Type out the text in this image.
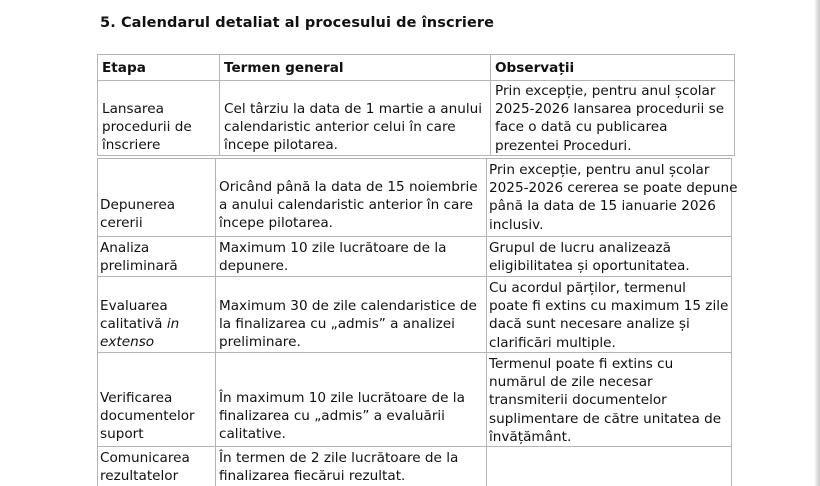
5. Calendarul detaliat al procesului de înscriere
Etapa	Termen general	Observații
Lansarea
procedurii de
înscriere
Cel târziu la data de 1 martie a anului
calendaristic anterior celui în care
începe pilotarea.
Prin excepție, pentru anul școlar
2025-2026 lansarea procedurii se
face o dată cu publicarea
prezentei Proceduri.
Depunerea
cererii
Oricând până la data de 15 noiembrie
a anului calendaristic anterior în care
începe pilotarea.
Prin excepție, pentru anul școlar
2025-2026 cererea se poate depune
până la data de 15 ianuarie 2026
inclusiv.
Analiza
preliminară
Maximum 10 zile lucrătoare de la
depunere.
Grupul de lucru analizează
eligibilitatea și oportunitatea.
Evaluarea
calitativă in
extenso
Maximum 30 de zile calendaristice de
la finalizarea cu „admis” a analizei
preliminare.
Cu acordul părților, termenul
poate fi extins cu maximum 15 zile
dacă sunt necesare analize și
clarificări multiple.
Verificarea
documentelor
suport
În maximum 10 zile lucrătoare de la
finalizarea cu „admis” a evaluării
calitative.
Termenul poate fi extins cu
numărul de zile necesar
transmiterii documentelor
suplimentare de către unitatea de
învățământ.
Comunicarea
rezultatelor
În termen de 2 zile lucrătoare de la
finalizarea fiecărui rezultat.
